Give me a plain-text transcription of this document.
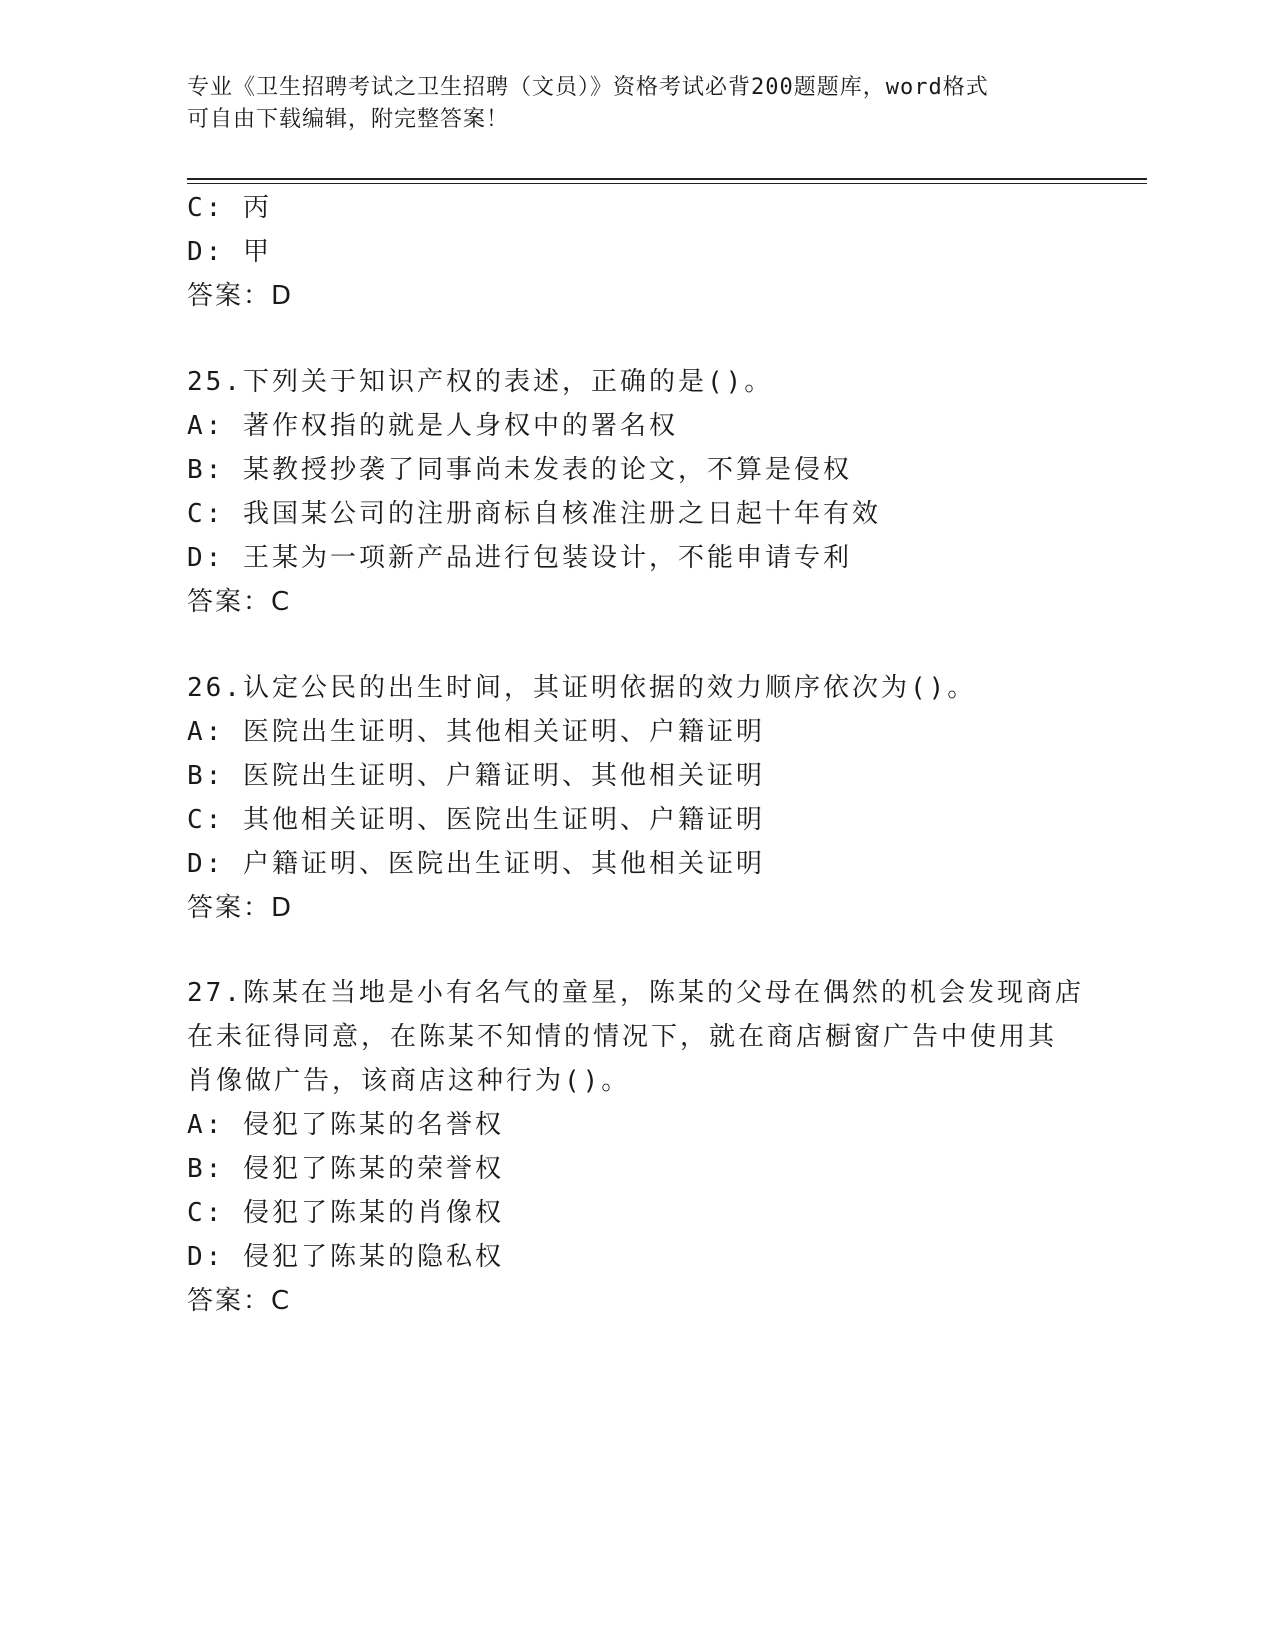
专业《卫生招聘考试之卫生招聘（文员）》资格考试必背200题题库，word格式
可自由下载编辑，附完整答案！
C: 丙
D: 甲
答案：D
25.下列关于知识产权的表述，正确的是()。
A: 著作权指的就是人身权中的署名权
B: 某教授抄袭了同事尚未发表的论文，不算是侵权
C: 我国某公司的注册商标自核准注册之日起十年有效
D: 王某为一项新产品进行包装设计，不能申请专利
答案：C
26.认定公民的出生时间，其证明依据的效力顺序依次为()。
A: 医院出生证明、其他相关证明、户籍证明
B: 医院出生证明、户籍证明、其他相关证明
C: 其他相关证明、医院出生证明、户籍证明
D: 户籍证明、医院出生证明、其他相关证明
答案：D
27.陈某在当地是小有名气的童星，陈某的父母在偶然的机会发现商店
在未征得同意，在陈某不知情的情况下，就在商店橱窗广告中使用其
肖像做广告，该商店这种行为()。
A: 侵犯了陈某的名誉权
B: 侵犯了陈某的荣誉权
C: 侵犯了陈某的肖像权
D: 侵犯了陈某的隐私权
答案：C
